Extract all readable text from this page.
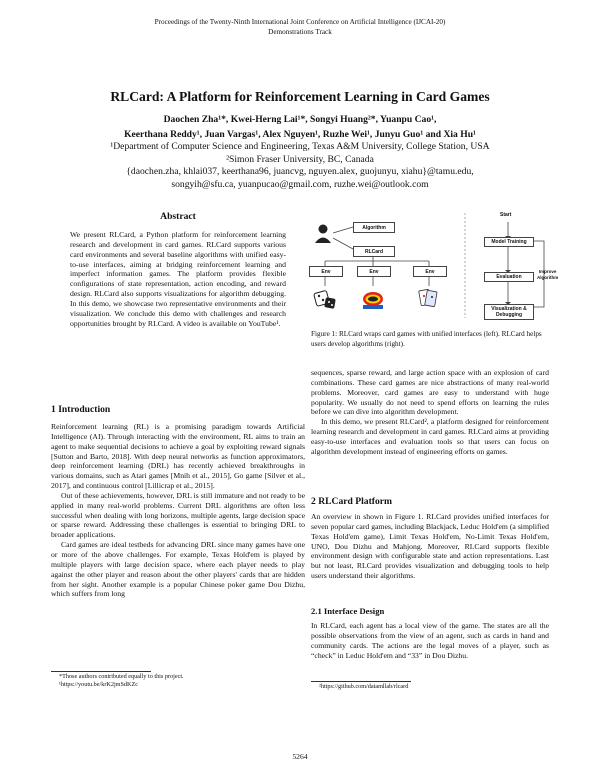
Proceedings of the Twenty-Ninth International Joint Conference on Artificial Intelligence (IJCAI-20)
Demonstrations Track
RLCard: A Platform for Reinforcement Learning in Card Games
Daochen Zha¹*, Kwei-Herng Lai¹*, Songyi Huang²*, Yuanpu Cao¹,
Keerthana Reddy¹, Juan Vargas¹, Alex Nguyen¹, Ruzhe Wei¹, Junyu Guo¹ and Xia Hu¹
¹Department of Computer Science and Engineering, Texas A&M University, College Station, USA
²Simon Fraser University, BC, Canada
{daochen.zha, khlai037, keerthana96, juancvg, nguyen.alex, guojunyu, xiahu}@tamu.edu,
songyih@sfu.ca, yuanpucao@gmail.com, ruzhe.wei@outlook.com
Abstract

We present RLCard, a Python platform for reinforcement learning research and development in card games. RLCard supports various card environments and several baseline algorithms with unified easy-to-use interfaces, aiming at bridging reinforcement learning and imperfect information games. The platform provides flexible configurations of state representation, action encoding, and reward design. RLCard also supports visualizations for algorithm debugging. In this demo, we showcase two representative environments and their visualization. We conclude this demo with challenges and research opportunities brought by RLCard. A video is available on YouTube¹.

1 Introduction

Reinforcement learning (RL) is a promising paradigm towards Artificial Intelligence (AI). Through interacting with the environment, RL aims to train an agent to make sequential decisions to achieve a goal by exploiting reward signals [Sutton and Barto, 2018]. With deep neural networks as function approximators, deep reinforcement learning (DRL) has recently achieved breakthroughs in various domains, such as Atari games [Mnih et al., 2015], Go game [Silver et al., 2017], and continuous control [Lillicrap et al., 2015].

Out of these achievements, however, DRL is still immature and not ready to be applied in many real-world problems. Current DRL algorithms are often less successful when dealing with long horizons, multiple agents, large decision space or sparse reward. Addressing these challenges is essential to bringing DRL to broader applications.

Card games are ideal testbeds for advancing DRL since many games have one or more of the above challenges. For example, Texas Hold'em is played by multiple players with large decision space, where each player needs to play against the other player and reason about the other players' cards that are hidden from her sight. Another example is a popular Chinese poker game Dou Dizhu, which suffers from long

*Those authors contributed equally to this project.
¹https://youtu.be/krK2jmSdKZc
Algorithm
RLCard
Env	Env	Env
Start
Model Training
Evaluation
Visualization &
Debugging
Improve
Algorithm
Figure 1: RLCard wraps card games with unified interfaces (left). RLCard helps users develop algorithms (right).

sequences, sparse reward, and large action space with an explosion of card combinations. These card games are nice abstractions of many real-world problems. Moreover, card games are easy to understand with huge popularity. We usually do not need to spend efforts on learning the rules before we can dive into algorithm development.

In this demo, we present RLCard², a platform designed for reinforcement learning research and development in card games. RLCard aims at providing easy-to-use interfaces and evaluation tools so that users can focus on algorithm development instead of engineering efforts on games.

2 RLCard Platform

An overview in shown in Figure 1. RLCard provides unified interfaces for seven popular card games, including Blackjack, Leduc Hold'em (a simplified Texas Hold'em game), Limit Texas Hold'em, No-Limit Texas Hold'em, UNO, Dou Dizhu and Mahjong. Moreover, RLCard supports flexible environment design with configurable state and action representations. Last but not least, RLCard provides visualization and debugging tools to help users understand their algorithms.

2.1 Interface Design

In RLCard, each agent has a local view of the game. The states are all the possible observations from the view of an agent, such as cards in hand and community cards. The actions are the legal moves of a player, such as “check” in Leduc Hold'em and “33” in Dou Dizhu.

²https://github.com/datamllab/rlcard
5264
